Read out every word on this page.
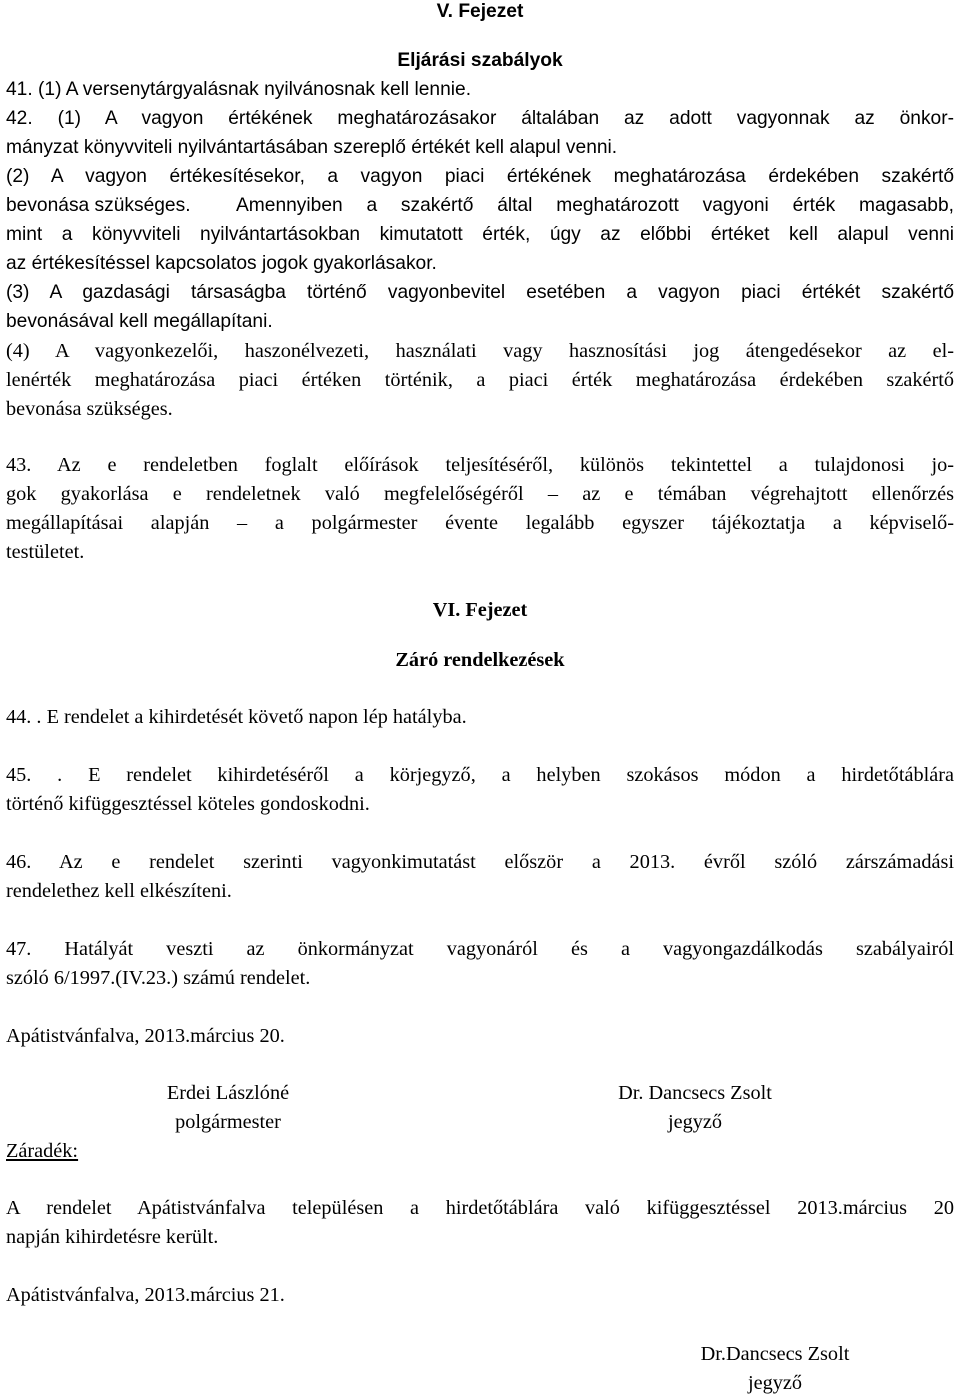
V. Fejezet
Eljárási szabályok
41. (1) A versenytárgyalásnak nyilvánosnak kell lennie.
42. (1) A vagyon értékének meghatározásakor általában az adott vagyonnak az önkor-
mányzat könyvviteli nyilvántartásában szereplő értékét kell alapul venni.
(2) A vagyon értékesítésekor, a vagyon piaci értékének meghatározása érdekében szakértő
bevonása szükséges. Amennyiben a szakértő által meghatározott vagyoni érték magasabb,
mint a könyvviteli nyilvántartásokban kimutatott érték, úgy az előbbi értéket kell alapul venni
az értékesítéssel kapcsolatos jogok gyakorlásakor.
(3) A gazdasági társaságba történő vagyonbevitel esetében a vagyon piaci értékét szakértő
bevonásával kell megállapítani.
(4) A vagyonkezelői, haszonélvezeti, használati vagy hasznosítási jog átengedésekor az el-
lenérték meghatározása piaci értéken történik, a piaci érték meghatározása érdekében szakértő
bevonása szükséges.
43. Az e rendeletben foglalt előírások teljesítéséről, különös tekintettel a tulajdonosi jo-
gok gyakorlása e rendeletnek való megfelelőségéről – az e témában végrehajtott ellenőrzés
megállapításai alapján – a polgármester évente legalább egyszer tájékoztatja a képviselő-
testületet.
VI. Fejezet
Záró rendelkezések
44. . E rendelet a kihirdetését követő napon lép hatályba.
45. . E rendelet kihirdetéséről a körjegyző, a helyben szokásos módon a hirdetőtáblára
történő kifüggesztéssel köteles gondoskodni.
46. Az e rendelet szerinti vagyonkimutatást először a 2013. évről szóló zárszámadási
rendelethez kell elkészíteni.
47. Hatályát veszti az önkormányzat vagyonáról és a vagyongazdálkodás szabályairól
szóló 6/1997.(IV.23.) számú rendelet.
Apátistvánfalva, 2013.március 20.
Erdei Lászlóné
polgármester
Dr. Dancsecs Zsolt
jegyző
Záradék:
A rendelet Apátistvánfalva településen a hirdetőtáblára való kifüggesztéssel 2013.március 20
napján kihirdetésre került.
Apátistvánfalva, 2013.március 21.
Dr.Dancsecs Zsolt
jegyző
